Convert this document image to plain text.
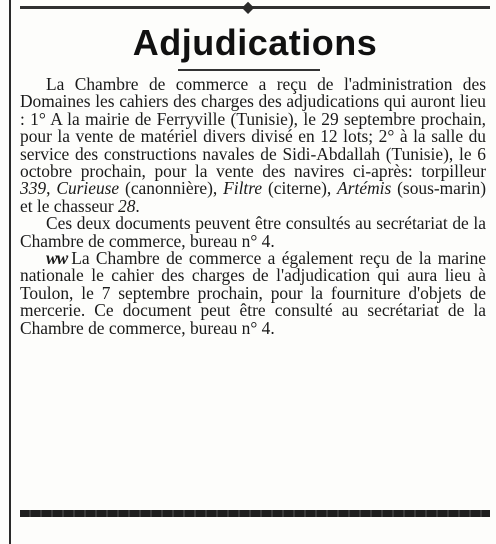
◆
Adjudications

La Chambre de commerce a reçu de l'administration des Domaines les cahiers des charges des adjudications qui auront lieu : 1° A la mairie de Ferryville (Tunisie), le 29 septembre prochain, pour la vente de matériel divers divisé en 12 lots; 2° à la salle du service des constructions navales de Sidi-Abdallah (Tunisie), le 6 octobre prochain, pour la vente des navires ci-après: torpilleur 339, Curieuse (canonnière), Filtre (citerne), Artémis (sous-marin) et le chasseur 28.

Ces deux documents peuvent être consultés au secrétariat de la Chambre de commerce, bureau n° 4.

ww La Chambre de commerce a également reçu de la marine nationale le cahier des charges de l'adjudication qui aura lieu à Toulon, le 7 septembre prochain, pour la fourniture d'objets de mercerie. Ce document peut être consulté au secrétariat de la Chambre de commerce, bureau n° 4.
